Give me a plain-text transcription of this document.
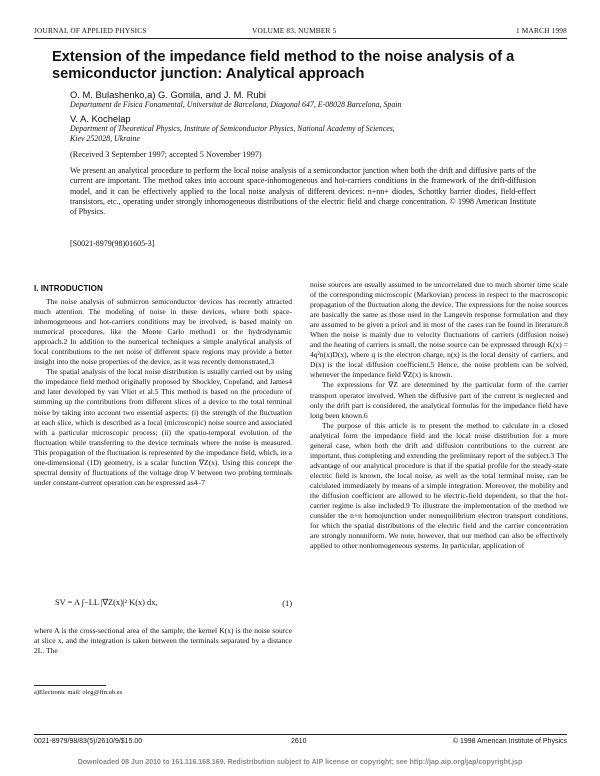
JOURNAL OF APPLIED PHYSICS	VOLUME 83, NUMBER 5	1 MARCH 1998
Extension of the impedance field method to the noise analysis of a semiconductor junction: Analytical approach
O. M. Bulashenko,a) G. Gomila, and J. M. Rubi
Departament de Física Fonamental, Universitat de Barcelona, Diagonal 647, E-08028 Barcelona, Spain
V. A. Kochelap
Department of Theoretical Physics, Institute of Semiconductor Physics, National Academy of Sciences,
Kiev 252028, Ukraine
(Received 3 September 1997; accepted 5 November 1997)
We present an analytical procedure to perform the local noise analysis of a semiconductor junction when both the drift and diffusive parts of the current are important. The method takes into account space-inhomogeneous and hot-carriers conditions in the framework of the drift-diffusion model, and it can be effectively applied to the local noise analysis of different devices: n+nn+ diodes, Schottky barrier diodes, field-effect transistors, etc., operating under strongly inhomogeneous distributions of the electric field and charge concentration. © 1998 American Institute of Physics.
[S0021-8979(98)01605-3]
I. INTRODUCTION

The noise analysis of submicron semiconductor devices has recently attracted much attention. The modeling of noise in these devices, where both space-inhomogeneous and hot-carriers conditions may be involved, is based mainly on numerical procedures, like the Monte Carlo method1 or the hydrodynamic approach.2 In addition to the numerical techniques a simple analytical analysis of local contributions to the net noise of different space regions may provide a better insight into the noise properties of the device, as it was recently demonstrated.3

The spatial analysis of the local noise distribution is usually carried out by using the impedance field method originally proposed by Shockley, Copeland, and James4 and later developed by van Vliet et al.5 This method is based on the procedure of summing up the contributions from different slices of a device to the total terminal noise by taking into account two essential aspects: (i) the strength of the fluctuation at each slice, which is described as a local (microscopic) noise source and associated with a particular microscopic process; (ii) the spatio-temporal evolution of the fluctuation while transferring to the device terminals where the noise is measured. This propagation of the fluctuation is represented by the impedance field, which, in a one-dimensional (1D) geometry, is a scalar function ∇Z(x). Using this concept the spectral density of fluctuations of the voltage drop V between two probing terminals under constant-current operation can be expressed as4–7

SV = A ∫−LL |∇Z(x)|² K(x) dx,	(1)

where A is the cross-sectional area of the sample, the kernel K(x) is the noise source at slice x, and the integration is taken between the terminals separated by a distance 2L. The

a)Electronic mail: oleg@ffn.ub.es

noise sources are usually assumed to be uncorrelated due to much shorter time scale of the corresponding microscopic (Markovian) process in respect to the macroscopic propagation of the fluctuation along the device. The expressions for the noise sources are basically the same as those used in the Langevin response formulation and they are assumed to be given a priori and in most of the cases can be found in literature.8 When the noise is mainly due to velocity fluctuations of carriers (diffusion noise) and the heating of carriers is small, the noise source can be expressed through K(x) = 4q²n(x)D(x), where q is the electron charge, n(x) is the local density of carriers, and D(x) is the local diffusion coefficient.5 Hence, the noise problem can be solved, whenever the impedance field ∇Z(x) is known.

The expressions for ∇Z are determined by the particular form of the carrier transport operator involved. When the diffusive part of the current is neglected and only the drift part is considered, the analytical formulas for the impedance field have long been known.6

The purpose of this article is to present the method to calculate in a closed analytical form the impedance field and the local noise distribution for a more general case, when both the drift and diffusion contributions to the current are important, thus completing and extending the preliminary report of the subject.3 The advantage of our analytical procedure is that if the spatial profile for the steady-state electric field is known, the local noise, as well as the total terminal noise, can be calculated immediately by means of a simple integration. Moreover, the mobility and the diffusion coefficient are allowed to be electric-field dependent, so that the hot-carrier regime is also included.9 To illustrate the implementation of the method we consider the n+n homojunction under nonequilibrium electron transport conditions, for which the spatial distributions of the electric field and the carrier concentration are strongly nonuniform. We note, however, that our method can also be effectively applied to other nonhomogeneous systems. In particular, application of

0021-8979/98/83(5)/2610/9/$15.00	2610	© 1998 American Institute of Physics
Downloaded 08 Jun 2010 to 161.116.168.169. Redistribution subject to AIP license or copyright; see http://jap.aip.org/jap/copyright.jsp
